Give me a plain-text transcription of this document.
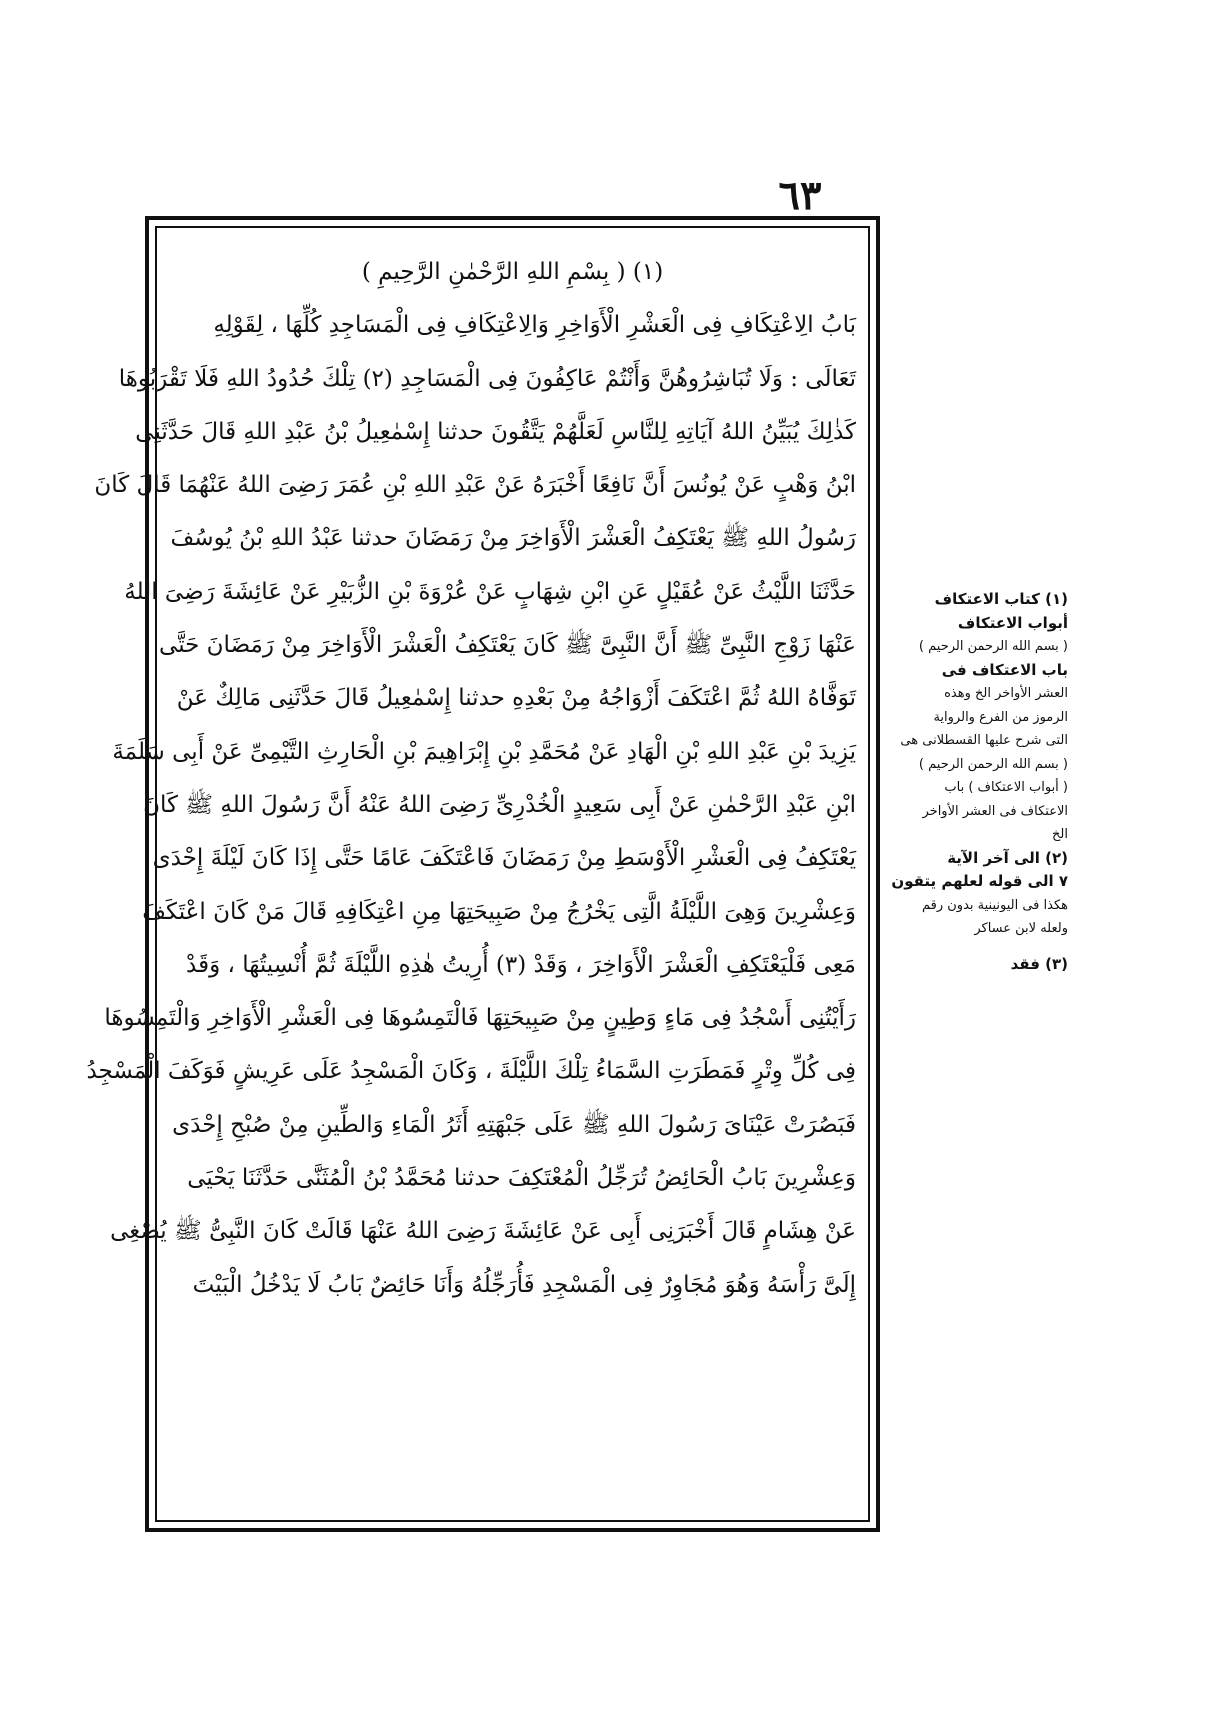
٦٣
(١) ( بِسْمِ اللهِ الرَّحْمٰنِ الرَّحِيمِ )
بَابُ الِاعْتِكَافِ فِى الْعَشْرِ الْأَوَاخِرِ وَالِاعْتِكَافِ فِى الْمَسَاجِدِ كُلِّهَا ، لِقَوْلِهِ
تَعَالَى : وَلَا تُبَاشِرُوهُنَّ وَأَنْتُمْ عَاكِفُونَ فِى الْمَسَاجِدِ (٢) تِلْكَ حُدُودُ اللهِ فَلَا تَقْرَبُوهَا
كَذٰلِكَ يُبَيِّنُ اللهُ آيَاتِهِ لِلنَّاسِ لَعَلَّهُمْ يَتَّقُونَ حدثنا إِسْمٰعِيلُ بْنُ عَبْدِ اللهِ قَالَ حَدَّثَنِى
ابْنُ وَهْبٍ عَنْ يُونُسَ أَنَّ نَافِعًا أَخْبَرَهُ عَنْ عَبْدِ اللهِ بْنِ عُمَرَ رَضِىَ اللهُ عَنْهُمَا قَالَ كَانَ
رَسُولُ اللهِ ﷺ يَعْتَكِفُ الْعَشْرَ الْأَوَاخِرَ مِنْ رَمَضَانَ حدثنا عَبْدُ اللهِ بْنُ يُوسُفَ
حَدَّثَنَا اللَّيْثُ عَنْ عُقَيْلٍ عَنِ ابْنِ شِهَابٍ عَنْ عُرْوَةَ بْنِ الزُّبَيْرِ عَنْ عَائِشَةَ رَضِىَ اللهُ
عَنْهَا زَوْجِ النَّبِىِّ ﷺ أَنَّ النَّبِىَّ ﷺ كَانَ يَعْتَكِفُ الْعَشْرَ الْأَوَاخِرَ مِنْ رَمَضَانَ حَتَّى
تَوَفَّاهُ اللهُ ثُمَّ اعْتَكَفَ أَزْوَاجُهُ مِنْ بَعْدِهِ حدثنا إِسْمٰعِيلُ قَالَ حَدَّثَنِى مَالِكٌ عَنْ
يَزِيدَ بْنِ عَبْدِ اللهِ بْنِ الْهَادِ عَنْ مُحَمَّدِ بْنِ إِبْرَاهِيمَ بْنِ الْحَارِثِ التَّيْمِىِّ عَنْ أَبِى سَلَمَةَ
ابْنِ عَبْدِ الرَّحْمٰنِ عَنْ أَبِى سَعِيدٍ الْخُدْرِىِّ رَضِىَ اللهُ عَنْهُ أَنَّ رَسُولَ اللهِ ﷺ كَانَ
يَعْتَكِفُ فِى الْعَشْرِ الْأَوْسَطِ مِنْ رَمَضَانَ فَاعْتَكَفَ عَامًا حَتَّى إِذَا كَانَ لَيْلَةَ إِحْدَى
وَعِشْرِينَ وَهِىَ اللَّيْلَةُ الَّتِى يَخْرُجُ مِنْ صَبِيحَتِهَا مِنِ اعْتِكَافِهِ قَالَ مَنْ كَانَ اعْتَكَفَ
مَعِى فَلْيَعْتَكِفِ الْعَشْرَ الْأَوَاخِرَ ، وَقَدْ (٣) أُرِيتُ هٰذِهِ اللَّيْلَةَ ثُمَّ أُنْسِيتُهَا ، وَقَدْ
رَأَيْتُنِى أَسْجُدُ فِى مَاءٍ وَطِينٍ مِنْ صَبِيحَتِهَا فَالْتَمِسُوهَا فِى الْعَشْرِ الْأَوَاخِرِ وَالْتَمِسُوهَا
فِى كُلِّ وِتْرٍ فَمَطَرَتِ السَّمَاءُ تِلْكَ اللَّيْلَةَ ، وَكَانَ الْمَسْجِدُ عَلَى عَرِيشٍ فَوَكَفَ الْمَسْجِدُ
فَبَصُرَتْ عَيْنَاىَ رَسُولَ اللهِ ﷺ عَلَى جَبْهَتِهِ أَثَرُ الْمَاءِ وَالطِّينِ مِنْ صُبْحِ إِحْدَى
وَعِشْرِينَ بَابُ الْحَائِضُ تُرَجِّلُ الْمُعْتَكِفَ حدثنا مُحَمَّدُ بْنُ الْمُثَنَّى حَدَّثَنَا يَحْيَى
عَنْ هِشَامٍ قَالَ أَخْبَرَنِى أَبِى عَنْ عَائِشَةَ رَضِىَ اللهُ عَنْهَا قَالَتْ كَانَ النَّبِىُّ ﷺ يُصْغِى
إِلَىَّ رَأْسَهُ وَهُوَ مُجَاوِرٌ فِى الْمَسْجِدِ فَأُرَجِّلُهُ وَأَنَا حَائِضٌ بَابُ لَا يَدْخُلُ الْبَيْتَ
(١) كتاب الاعتكاف
أبواب الاعتكاف
( بسم الله الرحمن الرحيم )
باب الاعتكاف فى
العشر الأواخر الخ وهذه
الرموز من الفرع والرواية
التى شرح عليها القسطلانى هى
( بسم الله الرحمن الرحيم )
( أبواب الاعتكاف ) باب
الاعتكاف فى العشر الأواخر
الخ
(٢) الى آخر الآية
٧ الى قوله لعلهم يتقون
هكذا فى اليونينية بدون رقم
ولعله لابن عساكر
(٣) فقد
